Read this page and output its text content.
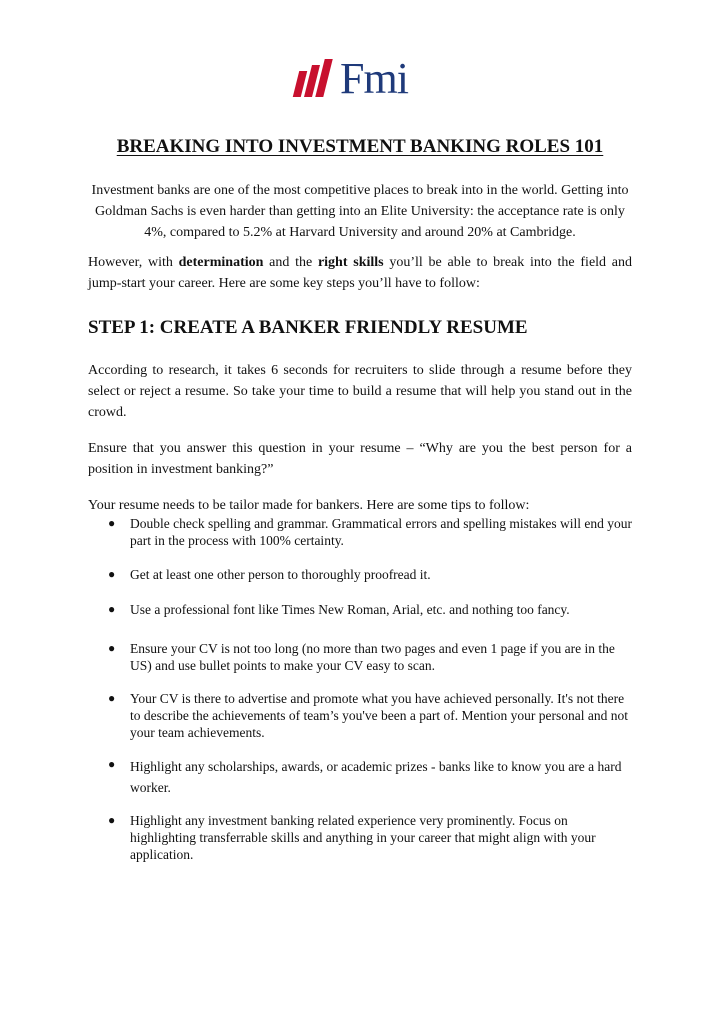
Fmi
BREAKING INTO INVESTMENT BANKING ROLES 101

Investment banks are one of the most competitive places to break into in the world. Getting into Goldman Sachs is even harder than getting into an Elite University: the acceptance rate is only 4%, compared to 5.2% at Harvard University and around 20% at Cambridge.

However, with determination and the right skills you’ll be able to break into the field and jump-start your career. Here are some key steps you’ll have to follow:

STEP 1: CREATE A BANKER FRIENDLY RESUME

According to research, it takes 6 seconds for recruiters to slide through a resume before they select or reject a resume. So take your time to build a resume that will help you stand out in the crowd.

Ensure that you answer this question in your resume – “Why are you the best person for a position in investment banking?”

Your resume needs to be tailor made for bankers. Here are some tips to follow:

● Double check spelling and grammar. Grammatical errors and spelling mistakes will end your part in the process with 100% certainty.
● Get at least one other person to thoroughly proofread it.
● Use a professional font like Times New Roman, Arial, etc. and nothing too fancy.
● Ensure your CV is not too long (no more than two pages and even 1 page if you are in the US) and use bullet points to make your CV easy to scan.
● Your CV is there to advertise and promote what you have achieved personally. It's not there to describe the achievements of team’s you've been a part of. Mention your personal and not your team achievements.
● Highlight any scholarships, awards, or academic prizes - banks like to know you are a hard worker.
● Highlight any investment banking related experience very prominently. Focus on highlighting transferrable skills and anything in your career that might align with your application.
